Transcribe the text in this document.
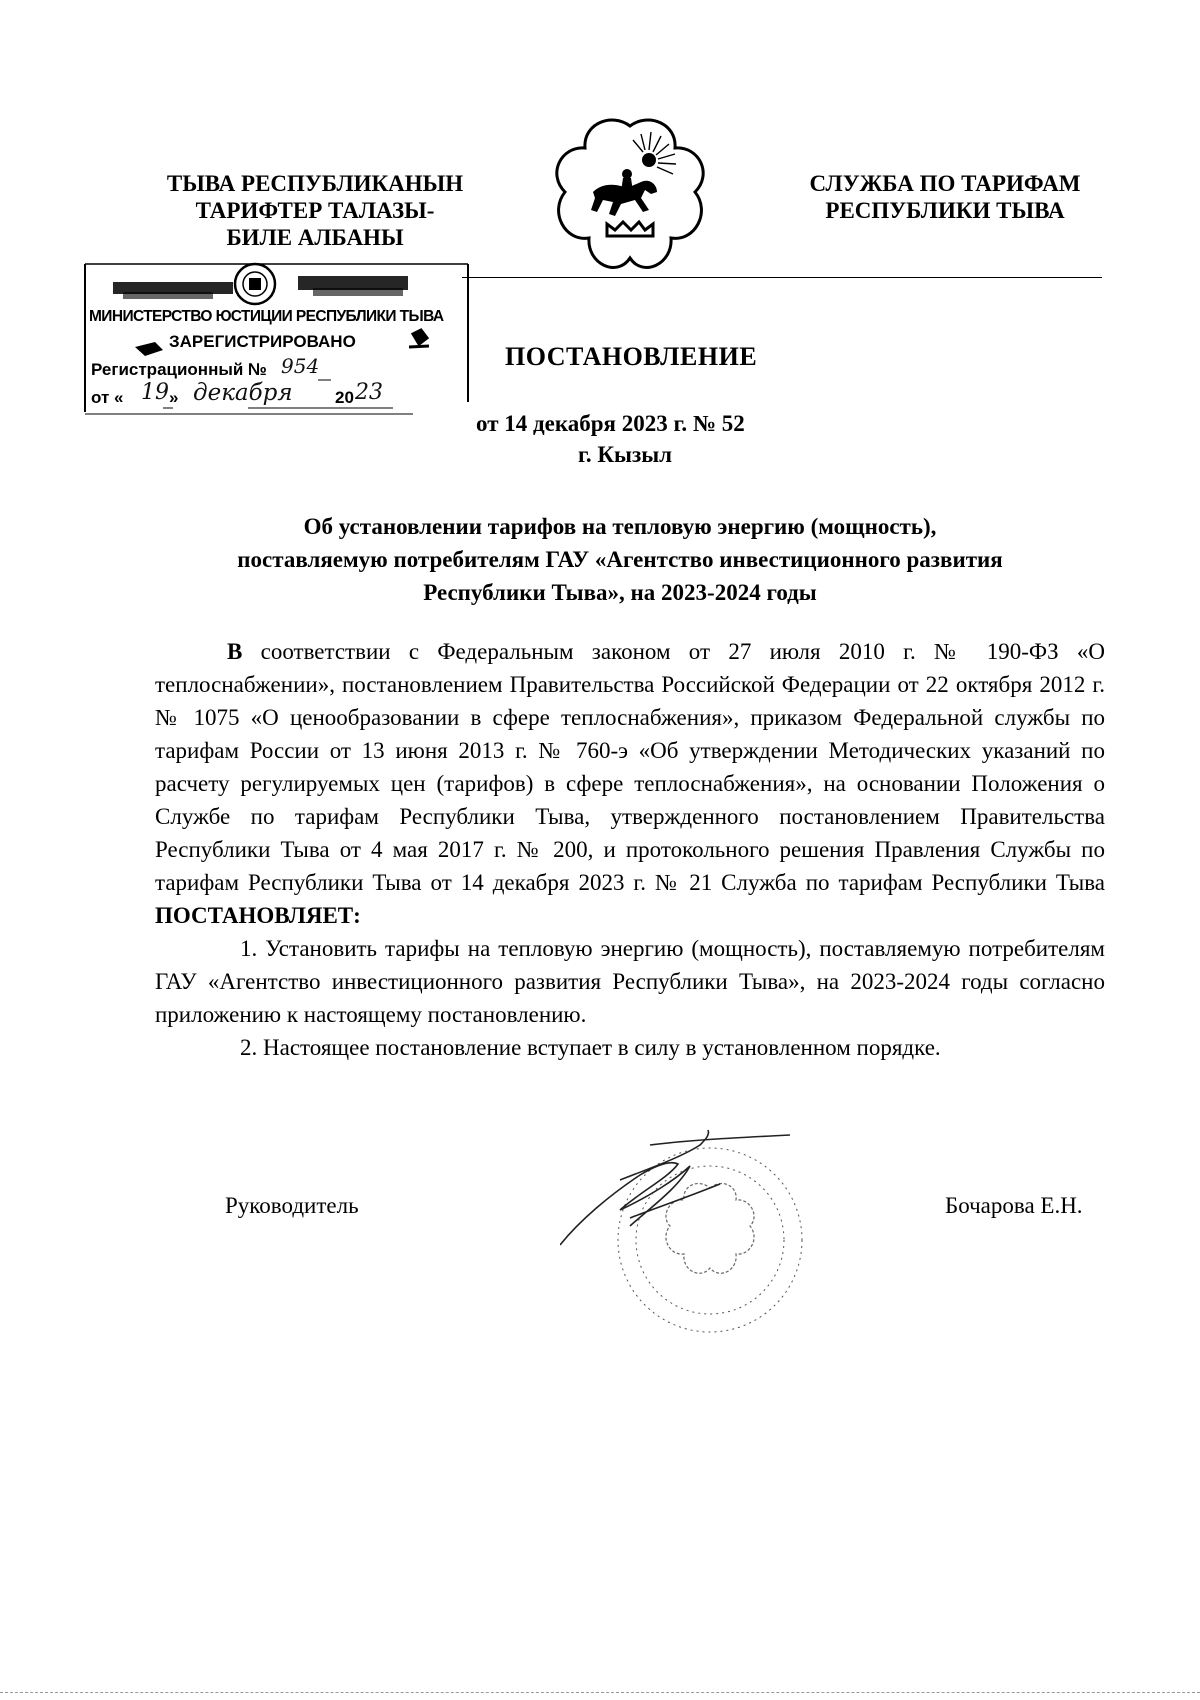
ТЫВА РЕСПУБЛИКАНЫН
ТАРИФТЕР ТАЛАЗЫ-
БИЛЕ АЛБАНЫ
СЛУЖБА ПО ТАРИФАМ
РЕСПУБЛИКИ ТЫВА
МИНИСТЕРСТВО ЮСТИЦИИ РЕСПУБЛИКИ ТЫВА
ЗАРЕГИСТРИРОВАНО
Регистрационный № 954
от « 19 » декабря 20 23
ПОСТАНОВЛЕНИЕ
от 14 декабря 2023 г. № 52
г. Кызыл
Об установлении тарифов на тепловую энергию (мощность),
поставляемую потребителям ГАУ «Агентство инвестиционного развития
Республики Тыва», на 2023-2024 годы

В соответствии с Федеральным законом от 27 июля 2010 г. № 190-ФЗ «О теплоснабжении», постановлением Правительства Российской Федерации от 22 октября 2012 г. № 1075 «О ценообразовании в сфере теплоснабжения», приказом Федеральной службы по тарифам России от 13 июня 2013 г. № 760-э «Об утверждении Методических указаний по расчету регулируемых цен (тарифов) в сфере теплоснабжения», на основании Положения о Службе по тарифам Республики Тыва, утвержденного постановлением Правительства Республики Тыва от 4 мая 2017 г. № 200, и протокольного решения Правления Службы по тарифам Республики Тыва от 14 декабря 2023 г. № 21 Служба по тарифам Республики Тыва ПОСТАНОВЛЯЕТ:

1. Установить тарифы на тепловую энергию (мощность), поставляемую потребителям ГАУ «Агентство инвестиционного развития Республики Тыва», на 2023-2024 годы согласно приложению к настоящему постановлению.

2. Настоящее постановление вступает в силу в установленном порядке.

Руководитель	Бочарова Е.Н.
